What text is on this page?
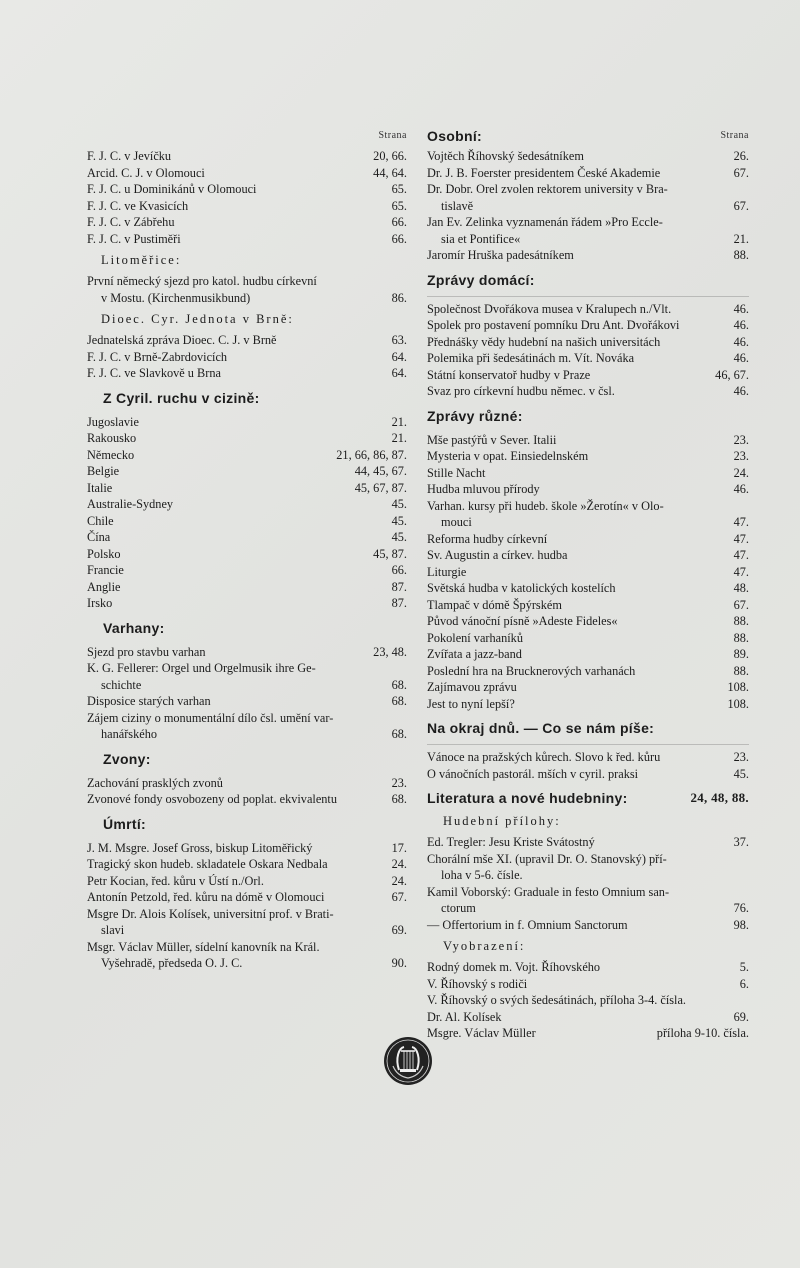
Strana
F. J. C. v Jevíčku	20, 66.
Arcid. C. J. v Olomouci	44, 64.
F. J. C. u Dominikánů v Olomouci	65.
F. J. C. ve Kvasicích	65.
F. J. C. v Zábřehu	66.
F. J. C. v Pustiměři	66.
Litoměřice:
První německý sjezd pro katol. hudbu církevní
v Mostu. (Kirchenmusikbund)	86.
Dioec. Cyr. Jednota v Brně:
Jednatelská zpráva Dioec. C. J. v Brně	63.
F. J. C. v Brně-Zabrdovicích	64.
F. J. C. ve Slavkově u Brna	64.
Z Cyril. ruchu v cizině:
Jugoslavie	21.
Rakousko	21.
Německo	21, 66, 86, 87.
Belgie	44, 45, 67.
Italie	45, 67, 87.
Australie-Sydney	45.
Chile	45.
Čína	45.
Polsko	45, 87.
Francie	66.
Anglie	87.
Irsko	87.
Varhany:
Sjezd pro stavbu varhan	23, 48.
K. G. Fellerer: Orgel und Orgelmusik ihre Ge-
schichte	68.
Disposice starých varhan	68.
Zájem ciziny o monumentální dílo čsl. umění var-
hanářského	68.
Zvony:
Zachování prasklých zvonů	23.
Zvonové fondy osvobozeny od poplat. ekvivalentu	68.
Úmrtí:
J. M. Msgre. Josef Gross, biskup Litoměřický	17.
Tragický skon hudeb. skladatele Oskara Nedbala	24.
Petr Kocian, řed. kůru v Ústí n./Orl.	24.
Antonín Petzold, řed. kůru na dómě v Olomouci	67.
Msgre Dr. Alois Kolísek, universitní prof. v Brati-
slavi	69.
Msgr. Václav Müller, sídelní kanovník na Král.
Vyšehradě, předseda O. J. C.	90.
Osobní:	Strana
Vojtěch Říhovský šedesátníkem	26.
Dr. J. B. Foerster presidentem České Akademie	67.
Dr. Dobr. Orel zvolen rektorem university v Bra-
tislavě	67.
Jan Ev. Zelinka vyznamenán řádem »Pro Eccle-
sia et Pontifice«	21.
Jaromír Hruška padesátníkem	88.
Zprávy domácí:
Společnost Dvořákova musea v Kralupech n./Vlt.	46.
Spolek pro postavení pomníku Dru Ant. Dvořákovi	46.
Přednášky vědy hudební na našich universitách	46.
Polemika při šedesátinách m. Vít. Nováka	46.
Státní konservatoř hudby v Praze	46, 67.
Svaz pro církevní hudbu němec. v čsl.	46.
Zprávy různé:
Mše pastýřů v Sever. Italii	23.
Mysteria v opat. Einsiedelnském	23.
Stille Nacht	24.
Hudba mluvou přírody	46.
Varhan. kursy při hudeb. škole »Žerotín« v Olo-
mouci	47.
Reforma hudby církevní	47.
Sv. Augustin a církev. hudba	47.
Liturgie	47.
Světská hudba v katolických kostelích	48.
Tlampač v dómě Špýrském	67.
Původ vánoční písně »Adeste Fideles«	88.
Pokolení varhaníků	88.
Zvířata a jazz-band	89.
Poslední hra na Brucknerových varhanách	88.
Zajímavou zprávu	108.
Jest to nyní lepší?	108.
Na okraj dnů. — Co se nám píše:
Vánoce na pražských kůrech. Slovo k řed. kůru	23.
O vánočních pastorál. mších v cyril. praksi	45.
Literatura a nové hudebniny:	24, 48, 88.
Hudební přílohy:
Ed. Tregler: Jesu Kriste Svátostný	37.
Chorální mše XI. (upravil Dr. O. Stanovský) pří-
loha v 5-6. čísle.
Kamil Voborský: Graduale in festo Omnium san-
ctorum	76.
— Offertorium in f. Omnium Sanctorum	98.
Vyobrazení:
Rodný domek m. Vojt. Říhovského	5.
V. Říhovský s rodiči	6.
V. Říhovský o svých šedesátinách, příloha 3-4. čísla.
Dr. Al. Kolísek	69.
Msgre. Václav Müller	příloha 9-10. čísla.
